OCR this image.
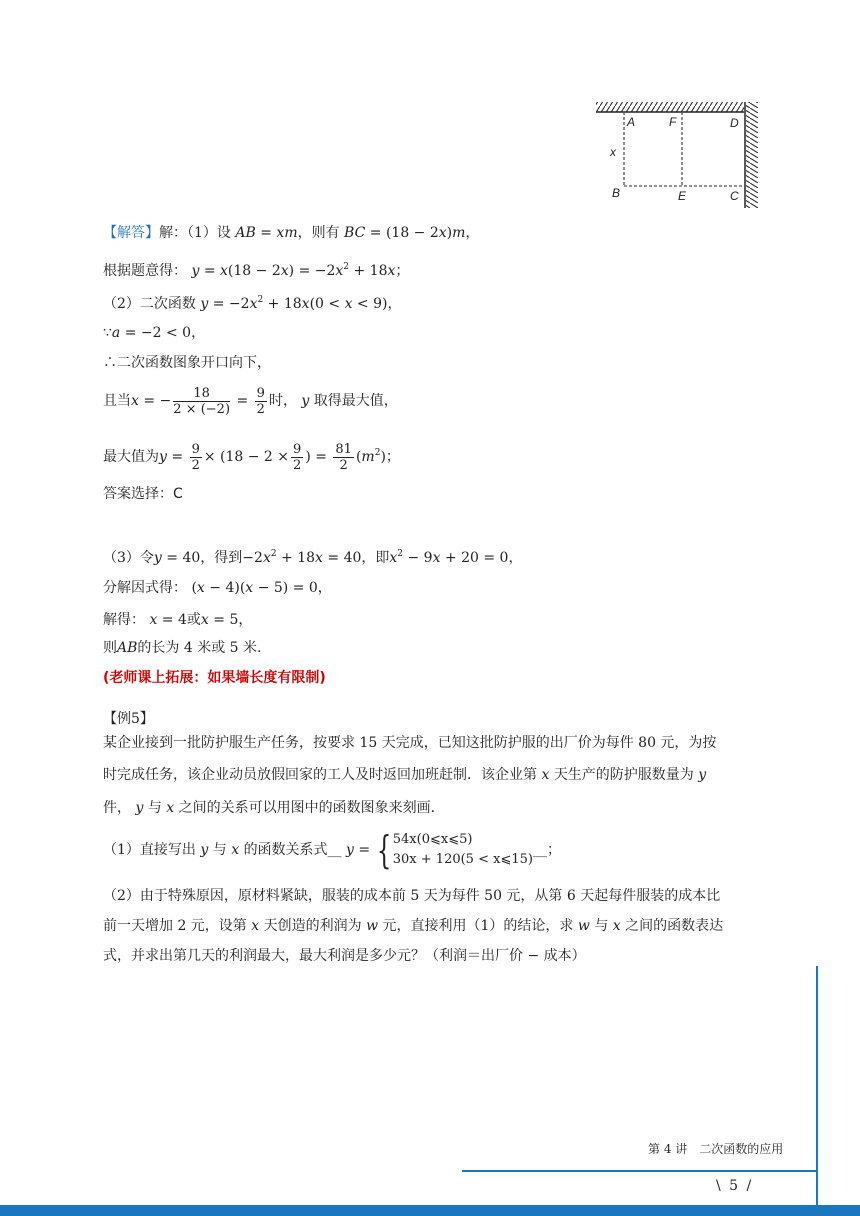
A	F	D
x
B	E	C
【解答】解：（1）设 AB = xm，则有 BC = (18 − 2x)m，
根据题意得： $y = x(18 - 2x) = -2x^2 + 18x$；
（2）二次函数 $y = -2x^2 + 18x(0 < x < 9)$，
∵a = −2 < 0，
∴二次函数图象开口向下，
且当x = − $\frac{18}{2 \times (-2)} = \frac{9}{2}$ 时， y 取得最大值，
最大值为$y = \frac{9}{2} \times (18 - 2 \times \frac{9}{2}$ ) = $\frac{81}{2} (m^2)$；
答案选择：C
（3）令y = 40，得到$-2x^2 + 18x = 40$，即$x^2 - 9x + 20 = 0$，
分解因式得： (x − 4)(x − 5) = 0，
解得： x = 4或x = 5，
则AB的长为 4 米或 5 米.
(老师课上拓展：如果墙长度有限制)
【例5】
某企业接到一批防护服生产任务，按要求 15 天完成，已知这批防护服的出厂价为每件 80 元，为按
时完成任务，该企业动员放假回家的工人及时返回加班赶制．该企业第 x 天生产的防护服数量为 y
件， y 与 x 之间的关系可以用图中的函数图象来刻画.
（1）直接写出 y 与 x 的函数关系式__ y = { 54x(0⩽x⩽5)
30x + 120(5 < x⩽15)
__；
（2）由于特殊原因，原材料紧缺，服装的成本前 5 天为每件 50 元，从第 6 天起每件服装的成本比
前一天增加 2 元，设第 x 天创造的利润为 w 元，直接利用（1）的结论，求 w 与 x 之间的函数表达
式，并求出第几天的利润最大，最大利润是多少元？（利润＝出厂价 − 成本）
第 4 讲　二次函数的应用
\ 5 /
